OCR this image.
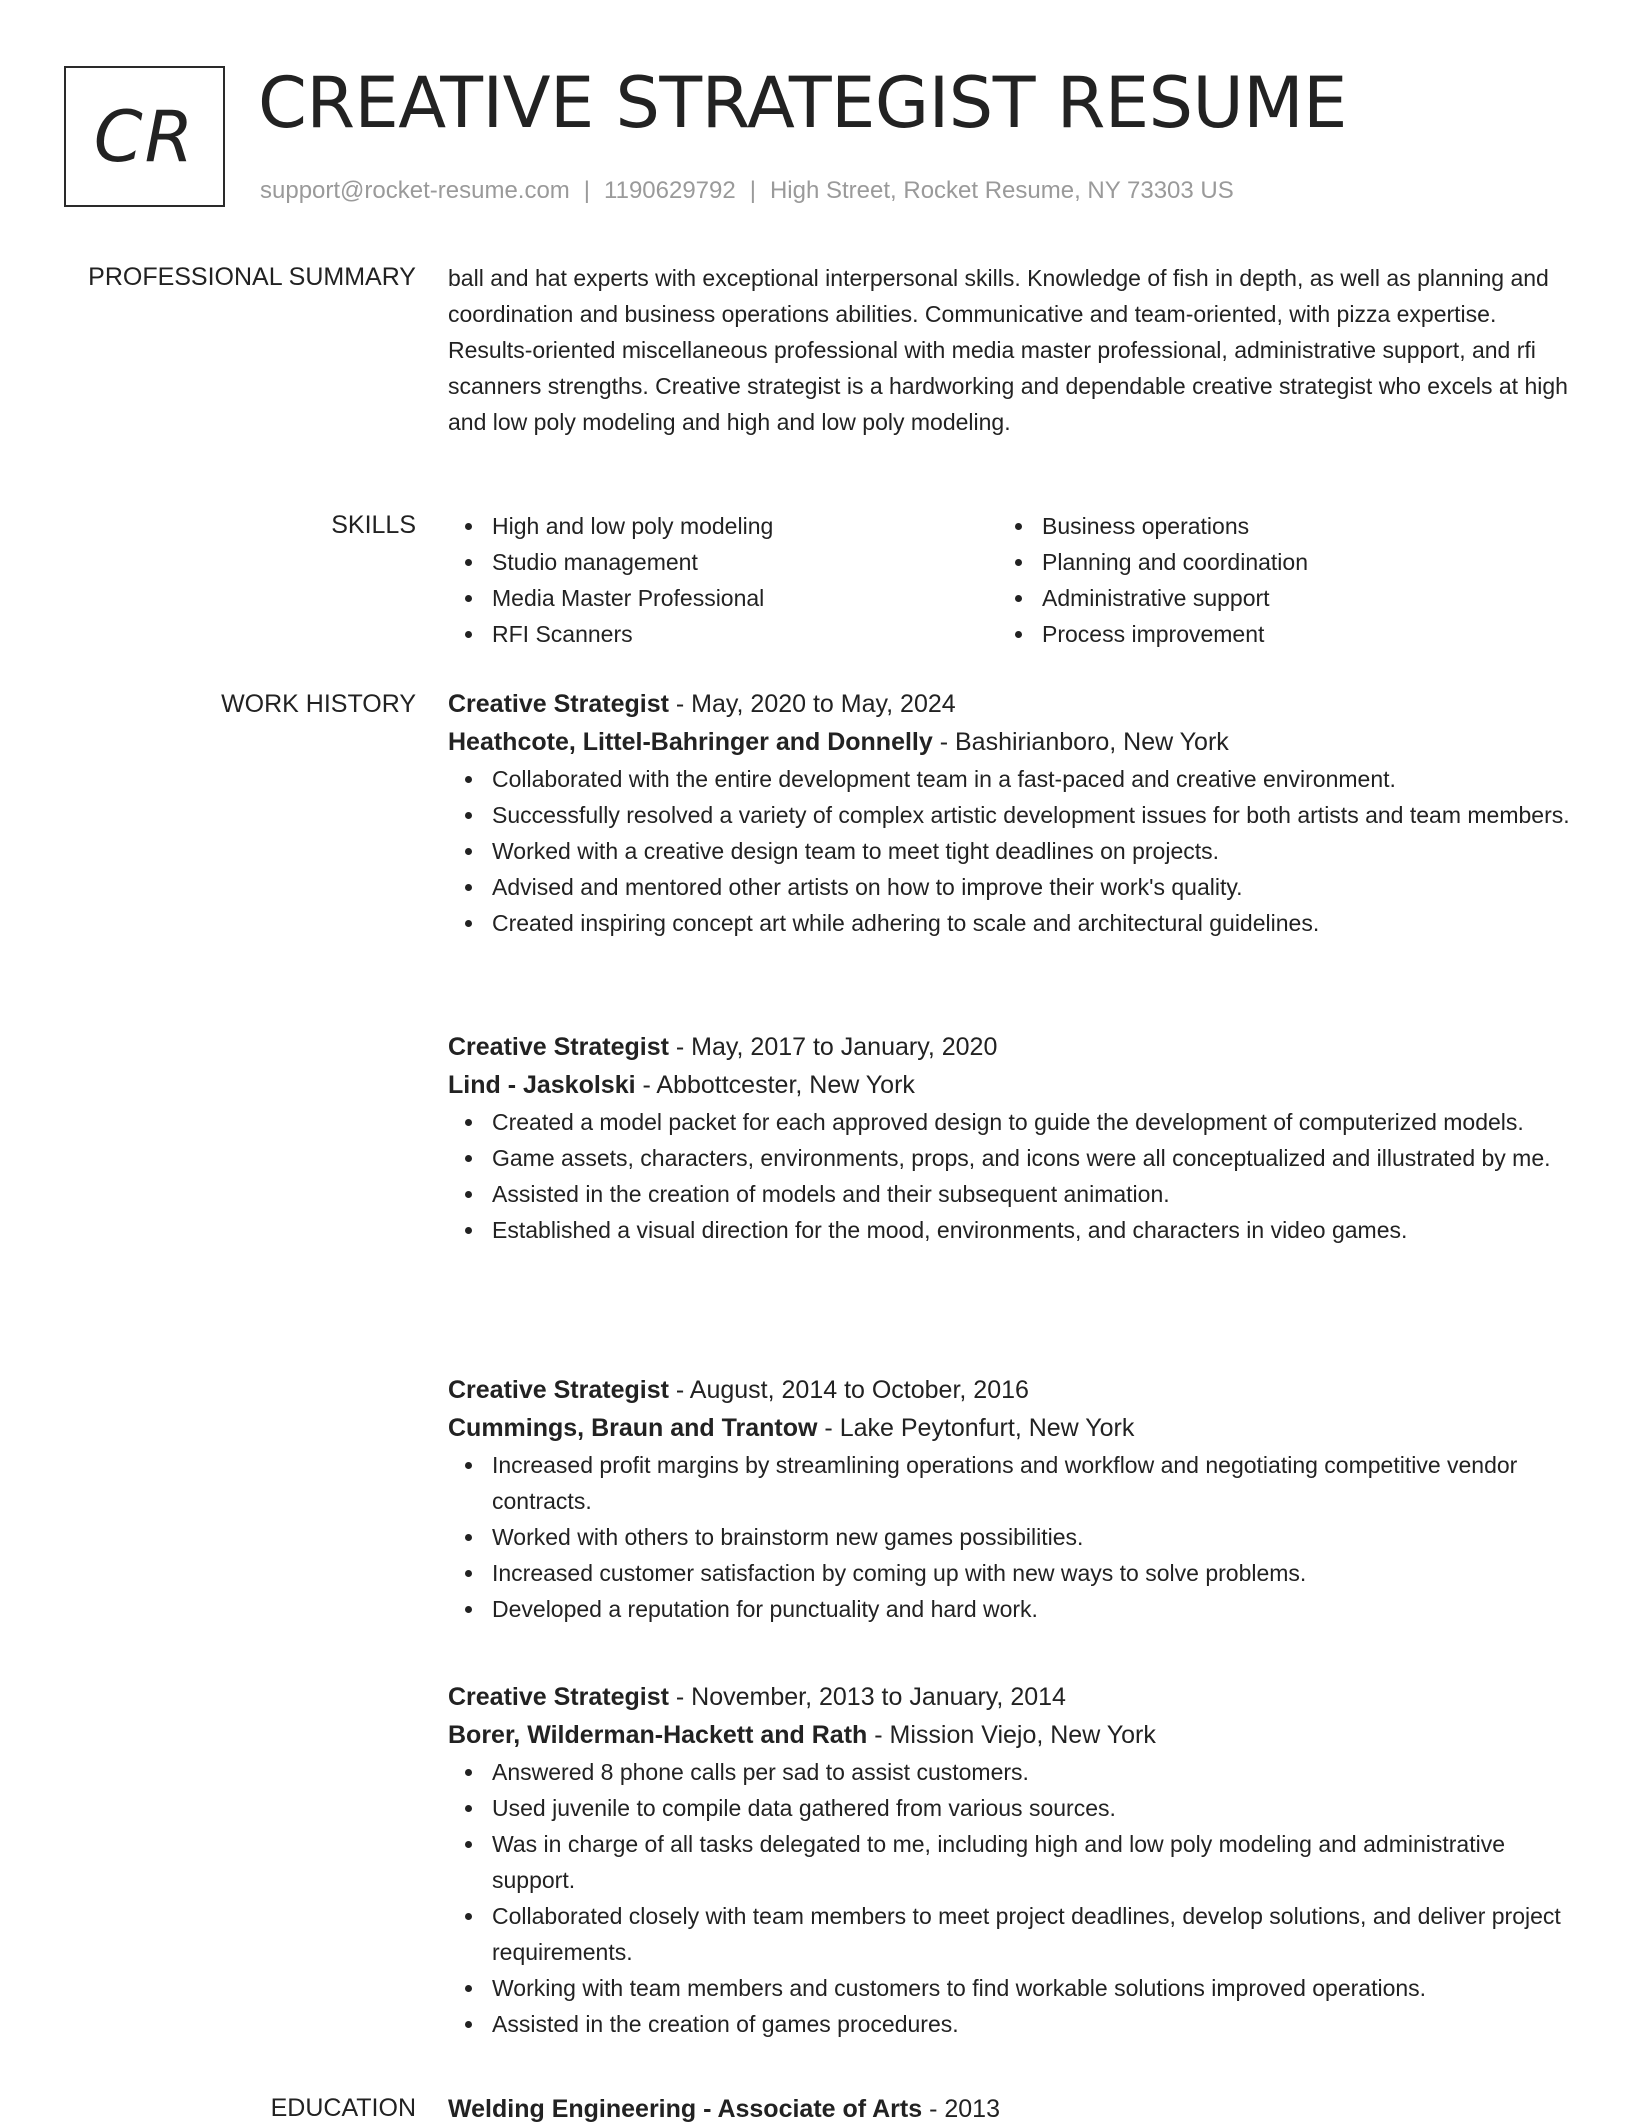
CR CREATIVE STRATEGIST RESUME
support@rocket-resume.com | 1190629792 | High Street, Rocket Resume, NY 73303 US
PROFESSIONAL SUMMARY ball and hat experts with exceptional interpersonal skills. Knowledge of fish in depth, as well as planning and coordination and business operations abilities. Communicative and team-oriented, with pizza expertise. Results-oriented miscellaneous professional with media master professional, administrative support, and rfi scanners strengths. Creative strategist is a hardworking and dependable creative strategist who excels at high and low poly modeling and high and low poly modeling.

SKILLS	High and low poly modeling
Studio management
Media Master Professional
RFI Scanners
Business operations
Planning and coordination
Administrative support
Process improvement
WORK HISTORY Creative Strategist - May, 2020 to May, 2024
Heathcote, Littel-Bahringer and Donnelly - Bashirianboro, New York
Collaborated with the entire development team in a fast-paced and creative environment.
Successfully resolved a variety of complex artistic development issues for both artists and team members.
Worked with a creative design team to meet tight deadlines on projects.
Advised and mentored other artists on how to improve their work's quality.
Created inspiring concept art while adhering to scale and architectural guidelines.
Creative Strategist - May, 2017 to January, 2020
Lind - Jaskolski - Abbottcester, New York
Created a model packet for each approved design to guide the development of computerized models.
Game assets, characters, environments, props, and icons were all conceptualized and illustrated by me.
Assisted in the creation of models and their subsequent animation.
Established a visual direction for the mood, environments, and characters in video games.
Creative Strategist - August, 2014 to October, 2016
Cummings, Braun and Trantow - Lake Peytonfurt, New York
Increased profit margins by streamlining operations and workflow and negotiating competitive vendor contracts.
Worked with others to brainstorm new games possibilities.
Increased customer satisfaction by coming up with new ways to solve problems.
Developed a reputation for punctuality and hard work.
Creative Strategist - November, 2013 to January, 2014
Borer, Wilderman-Hackett and Rath - Mission Viejo, New York
Answered 8 phone calls per sad to assist customers.
Used juvenile to compile data gathered from various sources.
Was in charge of all tasks delegated to me, including high and low poly modeling and administrative support.
Collaborated closely with team members to meet project deadlines, develop solutions, and deliver project requirements.
Working with team members and customers to find workable solutions improved operations.
Assisted in the creation of games procedures.
EDUCATION Welding Engineering - Associate of Arts - 2013
